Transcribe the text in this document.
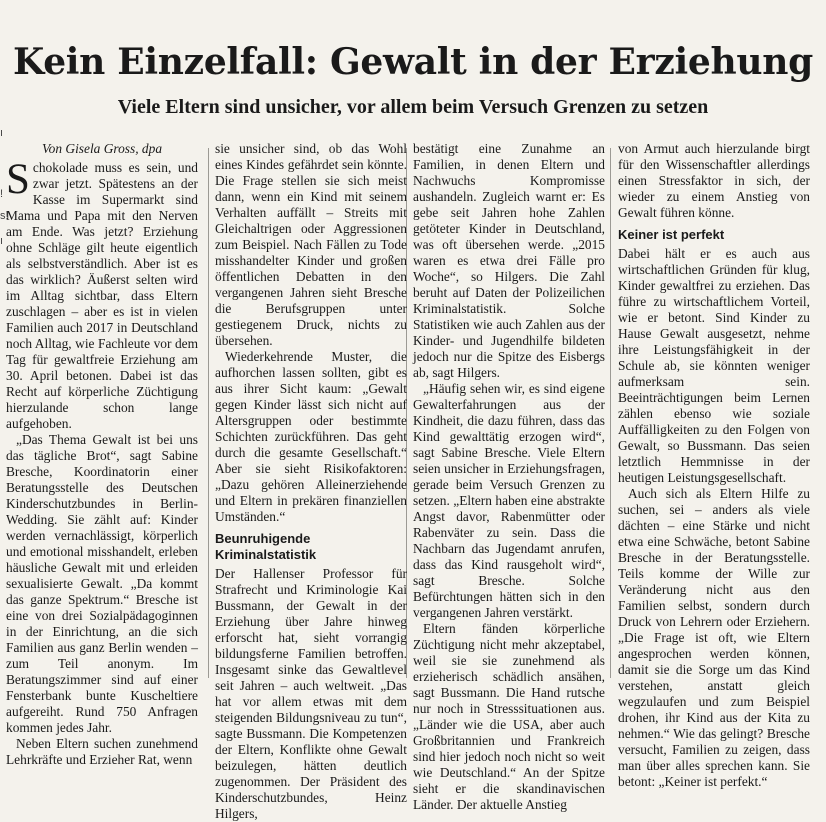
Kein Einzelfall: Gewalt in der Erziehung
Viele Eltern sind unsicher, vor allem beim Versuch Grenzen zu setzen
ı
!
s!
ı

Von Gisela Gross, dpa

Schokolade muss es sein, und zwar jetzt. Spätestens an der Kasse im Supermarkt sind Mama und Papa mit den Nerven am Ende. Was jetzt? Erziehung ohne Schläge gilt heute eigentlich als selbstverständlich. Aber ist es das wirklich? Äußerst selten wird im Alltag sichtbar, dass Eltern zuschlagen – aber es ist in vielen Familien auch 2017 in Deutschland noch Alltag, wie Fachleute vor dem Tag für gewaltfreie Erziehung am 30. April betonen. Dabei ist das Recht auf körperliche Züchtigung hierzulande schon lange aufgehoben.

„Das Thema Gewalt ist bei uns das tägliche Brot“, sagt Sabine Bresche, Koordinatorin einer Beratungsstelle des Deutschen Kinderschutzbundes in Berlin-Wedding. Sie zählt auf: Kinder werden vernachlässigt, körperlich und emotional misshandelt, erleben häusliche Gewalt mit und erleiden sexualisierte Gewalt. „Da kommt das ganze Spektrum.“ Bresche ist eine von drei Sozialpädagoginnen in der Einrichtung, an die sich Familien aus ganz Berlin wenden – zum Teil anonym. Im Beratungszimmer sind auf einer Fensterbank bunte Kuscheltiere aufgereiht. Rund 750 Anfragen kommen jedes Jahr.

Neben Eltern suchen zunehmend Lehrkräfte und Erzieher Rat, wenn

sie unsicher sind, ob das Wohl eines Kindes gefährdet sein könnte. Die Frage stellen sie sich meist dann, wenn ein Kind mit seinem Verhalten auffällt – Streits mit Gleichaltrigen oder Aggressionen zum Beispiel. Nach Fällen zu Tode misshandelter Kinder und großen öffentlichen Debatten in den vergangenen Jahren sieht Bresche die Berufsgruppen unter gestiegenem Druck, nichts zu übersehen.

Wiederkehrende Muster, die aufhorchen lassen sollten, gibt es aus ihrer Sicht kaum: „Gewalt gegen Kinder lässt sich nicht auf Altersgruppen oder bestimmte Schichten zurückführen. Das geht durch die gesamte Gesellschaft.“ Aber sie sieht Risikofaktoren: „Dazu gehören Alleinerziehende und Eltern in prekären finanziellen Umständen.“

Beunruhigende Kriminalstatistik

Der Hallenser Professor für Strafrecht und Kriminologie Kai Bussmann, der Gewalt in der Erziehung über Jahre hinweg erforscht hat, sieht vorrangig bildungsferne Familien betroffen. Insgesamt sinke das Gewaltlevel seit Jahren – auch weltweit. „Das hat vor allem etwas mit dem steigenden Bildungsniveau zu tun“, sagte Bussmann. Die Kompetenzen der Eltern, Konflikte ohne Gewalt beizulegen, hätten deutlich zugenommen. Der Präsident des Kinderschutzbundes, Heinz Hilgers,

bestätigt eine Zunahme an Familien, in denen Eltern und Nachwuchs Kompromisse aushandeln. Zugleich warnt er: Es gebe seit Jahren hohe Zahlen getöteter Kinder in Deutschland, was oft übersehen werde. „2015 waren es etwa drei Fälle pro Woche“, so Hilgers. Die Zahl beruht auf Daten der Polizeilichen Kriminalstatistik. Solche Statistiken wie auch Zahlen aus der Kinder- und Jugendhilfe bildeten jedoch nur die Spitze des Eisbergs ab, sagt Hilgers.

„Häufig sehen wir, es sind eigene Gewalterfahrungen aus der Kindheit, die dazu führen, dass das Kind gewalttätig erzogen wird“, sagt Sabine Bresche. Viele Eltern seien unsicher in Erziehungsfragen, gerade beim Versuch Grenzen zu setzen. „Eltern haben eine abstrakte Angst davor, Rabenmütter oder Rabenväter zu sein. Dass die Nachbarn das Jugendamt anrufen, dass das Kind rausgeholt wird“, sagt Bresche. Solche Befürchtungen hätten sich in den vergangenen Jahren verstärkt.

Eltern fänden körperliche Züchtigung nicht mehr akzeptabel, weil sie sie zunehmend als erzieherisch schädlich ansähen, sagt Bussmann. Die Hand rutsche nur noch in Stresssituationen aus. „Länder wie die USA, aber auch Großbritannien und Frankreich sind hier jedoch noch nicht so weit wie Deutschland.“ An der Spitze sieht er die skandinavischen Länder. Der aktuelle Anstieg

von Armut auch hierzulande birgt für den Wissenschaftler allerdings einen Stressfaktor in sich, der wieder zu einem Anstieg von Gewalt führen könne.

Keiner ist perfekt

Dabei hält er es auch aus wirtschaftlichen Gründen für klug, Kinder gewaltfrei zu erziehen. Das führe zu wirtschaftlichem Vorteil, wie er betont. Sind Kinder zu Hause Gewalt ausgesetzt, nehme ihre Leistungsfähigkeit in der Schule ab, sie könnten weniger aufmerksam sein. Beeinträchtigungen beim Lernen zählen ebenso wie soziale Auffälligkeiten zu den Folgen von Gewalt, so Bussmann. Das seien letztlich Hemmnisse in der heutigen Leistungsgesellschaft.

Auch sich als Eltern Hilfe zu suchen, sei – anders als viele dächten – eine Stärke und nicht etwa eine Schwäche, betont Sabine Bresche in der Beratungsstelle. Teils komme der Wille zur Veränderung nicht aus den Familien selbst, sondern durch Druck von Lehrern oder Erziehern. „Die Frage ist oft, wie Eltern angesprochen werden können, damit sie die Sorge um das Kind verstehen, anstatt gleich wegzulaufen und zum Beispiel drohen, ihr Kind aus der Kita zu nehmen.“ Wie das gelingt? Bresche versucht, Familien zu zeigen, dass man über alles sprechen kann. Sie betont: „Keiner ist perfekt.“
